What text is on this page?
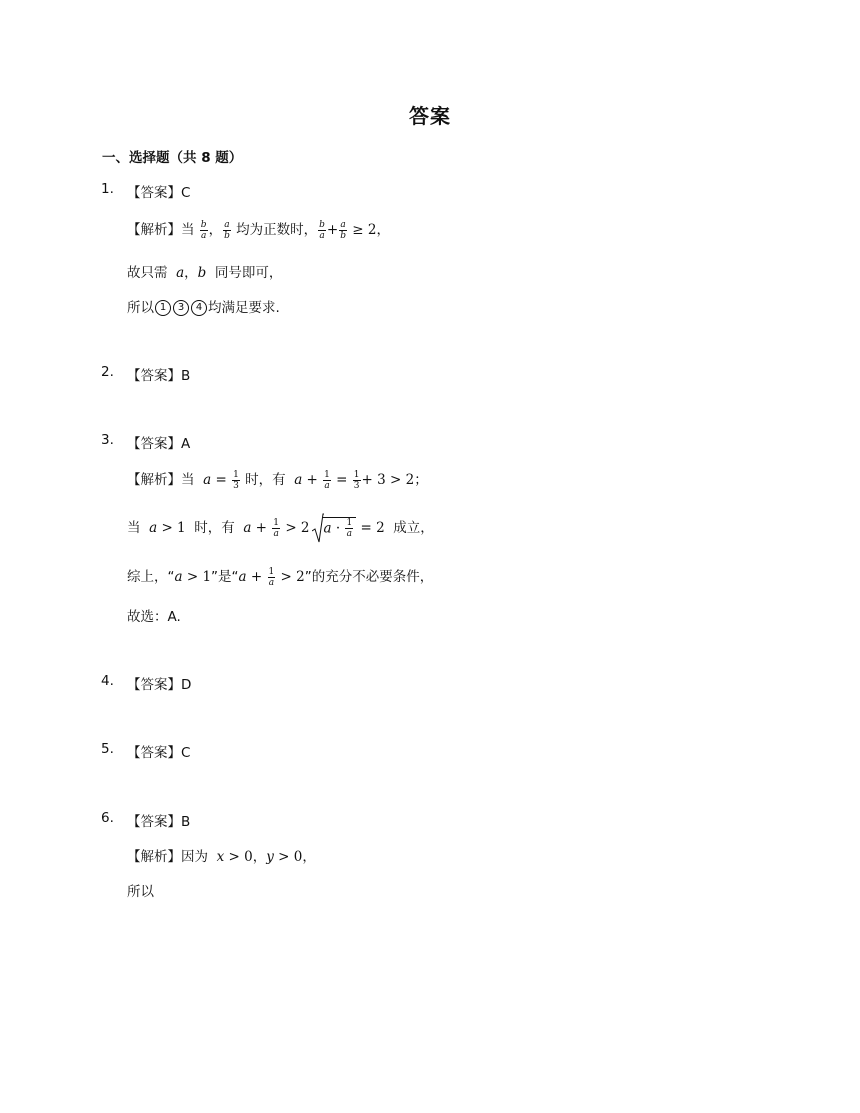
答案
一、选择题（共 8 题）
1. 【答案】C
【解析】当 $\frac{b}{a}$ ， $\frac{a}{b}$ 均为正数时， $\frac{b}{a} + \frac{a}{b} \ge 2$，
故只需 a，b 同号即可，
所以 1 3 4 均满足要求.
2. 【答案】B
3. 【答案】A
【解析】当 $a = \frac{1}{3}$ 时，有 $a + \frac{1}{a} = \frac{1}{3} + 3 > 2$；
当 a > 1 时，有 $a + \frac{1}{a} > 2$ $a \cdot \frac{1}{a} = 2$ 成立，
综上，“a > 1”是“$a + \frac{1}{a} > 2$”的充分不必要条件，
故选：A.
4. 【答案】D
5. 【答案】C
6. 【答案】B
【解析】因为 x > 0，y > 0，
所以
